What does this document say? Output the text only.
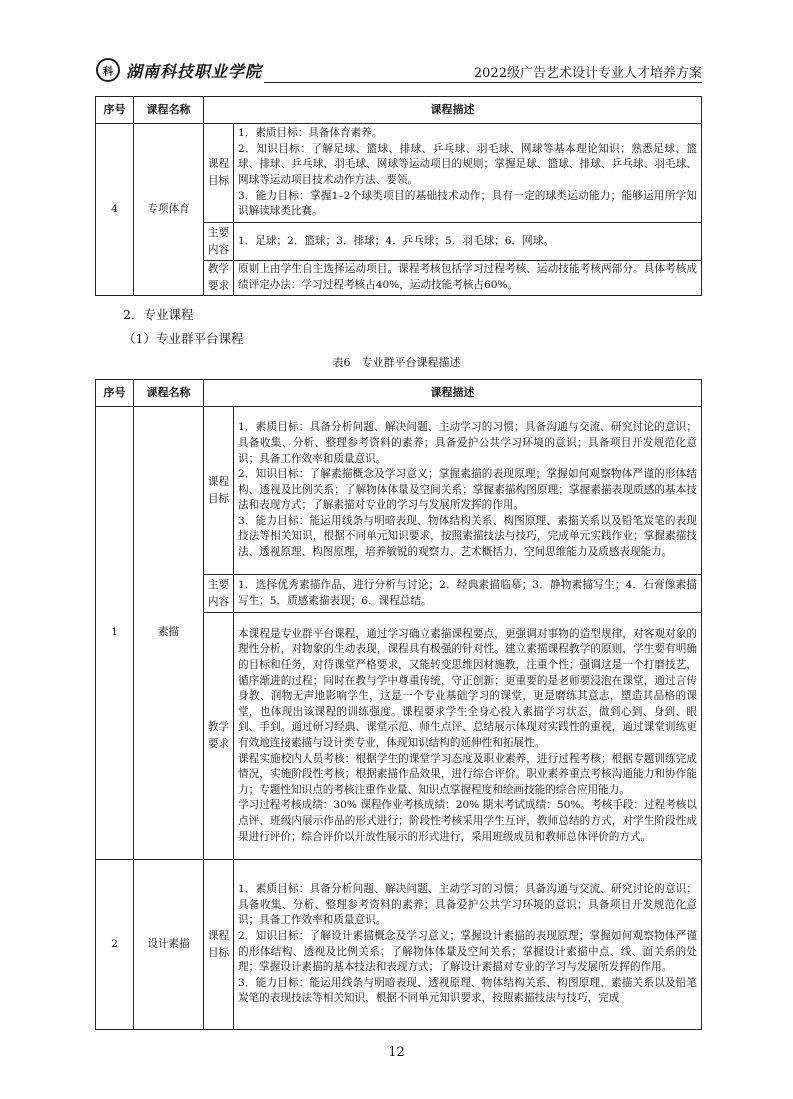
科 湖南科技职业学院	2022级广告艺术设计专业人才培养方案
序号	课程名称	课程描述	
4	专项体育	课程目标	1．素质目标：具备体育素养。
2．知识目标：了解足球、篮球、排球、乒乓球、羽毛球、网球等基本理论知识；熟悉足球、篮球、排球、乒乓球、羽毛球、网球等运动项目的规则；掌握足球、篮球、排球、乒乓球、羽毛球、网球等运动项目技术动作方法、要领。
3．能力目标：掌握1–2个球类项目的基础技术动作；具有一定的球类运动能力；能够运用所学知识解读球类比赛。

		主要内容	1．足球；2．篮球；3．排球；4．乒乓球；5．羽毛球；6．网球。
		教学要求	原则上由学生自主选择运动项目。课程考核包括学习过程考核、运动技能考核两部分。具体考核成绩评定办法：学习过程考核占40%，运动技能考核占60%。
2．专业课程
（1）专业群平台课程
表6　专业群平台课程描述
序号	课程名称	课程描述	
1	素描	课程目标	1．素质目标：具备分析问题、解决问题、主动学习的习惯；具备沟通与交流、研究讨论的意识；具备收集、分析、整理参考资料的素养；具备爱护公共学习环境的意识；具备项目开发规范化意识；具备工作效率和质量意识。
2．知识目标：了解素描概念及学习意义；掌握素描的表现原理；掌握如何观察物体严谨的形体结构、透视及比例关系；了解物体体量及空间关系；掌握素描构图原理；掌握素描表现质感的基本技法和表现方式；了解素描对专业的学习与发展所发挥的作用。
3．能力目标：能运用线条与明暗表现、物体结构关系、构图原理、素描关系以及铅笔炭笔的表现技法等相关知识，根据不同单元知识要求，按照素描技法与技巧，完成单元实践作业；掌握素描技法、透视原理、构图原理，培养敏锐的观察力、艺术概括力、空间思维能力及质感表现能力。

		主要内容	1．选择优秀素描作品，进行分析与讨论；2．经典素描临摹；3．静物素描写生；4．石膏像素描写生；5．质感素描表现；6．课程总结。
		教学要求	本课程是专业群平台课程，通过学习确立素描课程要点，更强调对事物的造型规律，对客观对象的理性分析，对物象的生动表现，课程具有极强的针对性。建立素描课程教学的原则，学生要有明确的目标和任务，对待课堂严格要求，又能转变思维因材施教，注重个性；强调这是一个打磨技艺，循序渐进的过程；同时在教与学中尊重传统，守正创新；更重要的是老师要浸泡在课堂，通过言传身教、润物无声地影响学生，这是一个专业基础学习的课堂，更是磨练其意志，塑造其品格的课堂，也体现出该课程的训练强度。课程要求学生全身心投入素描学习状态，做到心到、身到、眼到、手到。通过研习经典、课堂示范、师生点评、总结展示体现对实践性的重视，通过课堂训练更有效地连接素描与设计类专业，体现知识结构的延伸性和拓展性。
课程实施校内人员考核：根据学生的课堂学习态度及职业素养，进行过程考核；根据专题训练完成情况，实施阶段性考核；根据素描作品效果，进行综合评价。职业素养重点考核沟通能力和协作能力；专题性知识点的考核注重作业量、知识点掌握程度和绘画技能的综合应用能力。
学习过程考核成绩：30% 课程作业考核成绩：20% 期末考试成绩：50%。考核手段：过程考核以点评、班级内展示作品的形式进行；阶段性考核采用学生互评，教师总结的方式，对学生阶段性成果进行评价；综合评价以开放性展示的形式进行，采用班级成员和教师总体评价的方式。

2	设计素描	课程目标	1．素质目标：具备分析问题、解决问题、主动学习的习惯；具备沟通与交流、研究讨论的意识；具备收集、分析、整理参考资料的素养；具备爱护公共学习环境的意识；具备项目开发规范化意识；具备工作效率和质量意识。
2．知识目标：了解设计素描概念及学习意义；掌握设计素描的表现原理；掌握如何观察物体严谨的形体结构、透视及比例关系；了解物体体量及空间关系；掌握设计素描中点、线、面关系的处理；掌握设计素描的基本技法和表现方式；了解设计素描对专业的学习与发展所发挥的作用。
3．能力目标：能运用线条与明暗表现、透视原理、物体结构关系、构图原理、素描关系以及铅笔炭笔的表现技法等相关知识，根据不同单元知识要求，按照素描技法与技巧，完成
12
